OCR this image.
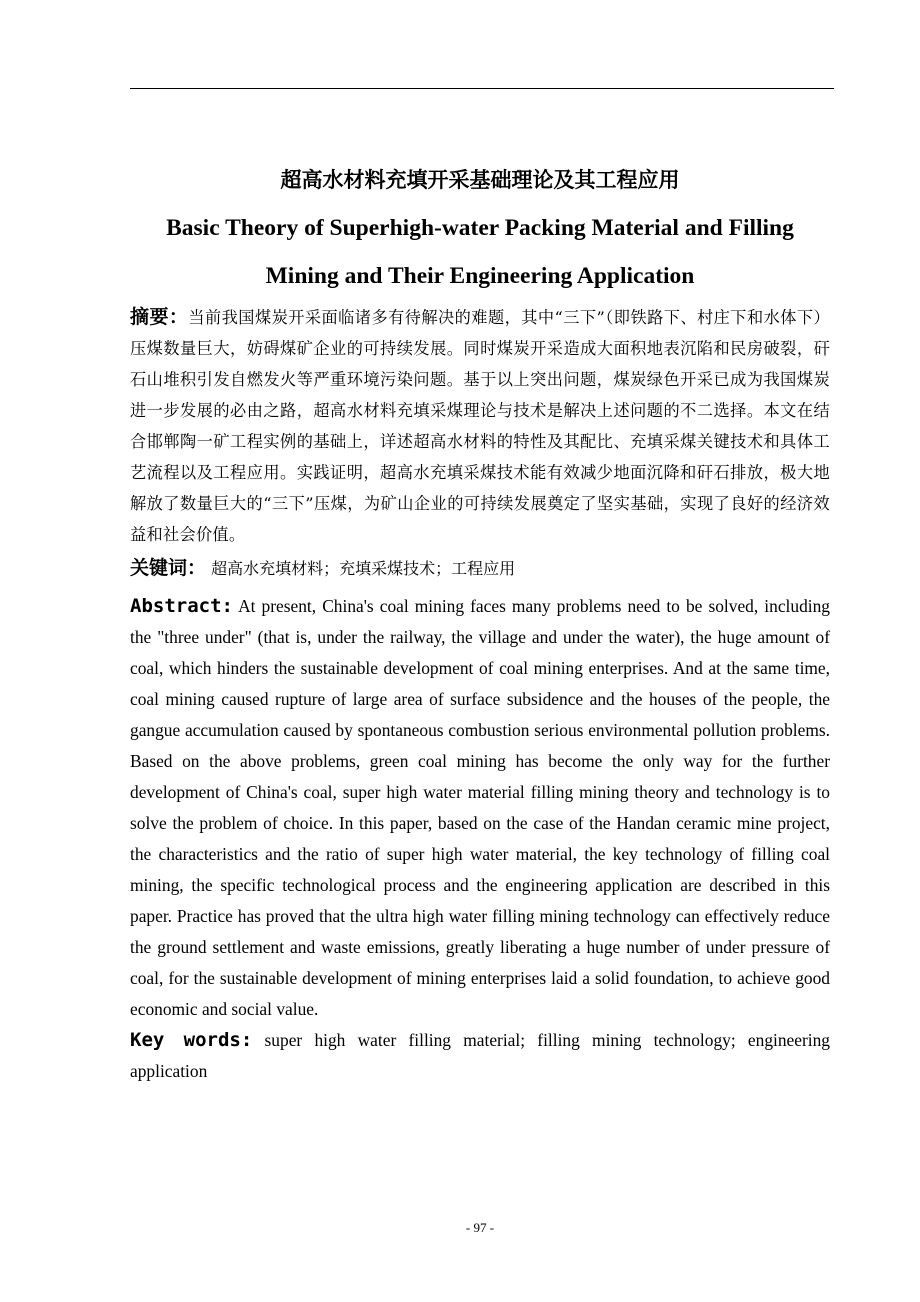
超高水材料充填开采基础理论及其工程应用
Basic Theory of Superhigh-water Packing Material and Filling
Mining and Their Engineering Application

摘要：当前我国煤炭开采面临诸多有待解决的难题，其中“三下”（即铁路下、村庄下和水体下）压煤数量巨大，妨碍煤矿企业的可持续发展。同时煤炭开采造成大面积地表沉陷和民房破裂，矸石山堆积引发自燃发火等严重环境污染问题。基于以上突出问题，煤炭绿色开采已成为我国煤炭进一步发展的必由之路，超高水材料充填采煤理论与技术是解决上述问题的不二选择。本文在结合邯郸陶一矿工程实例的基础上，详述超高水材料的特性及其配比、充填采煤关键技术和具体工艺流程以及工程应用。实践证明，超高水充填采煤技术能有效减少地面沉降和矸石排放，极大地解放了数量巨大的“三下”压煤，为矿山企业的可持续发展奠定了坚实基础，实现了良好的经济效益和社会价值。

关键词： 超高水充填材料；充填采煤技术；工程应用

Abstract: At present, China's coal mining faces many problems need to be solved, including the "three under" (that is, under the railway, the village and under the water), the huge amount of coal, which hinders the sustainable development of coal mining enterprises. And at the same time, coal mining caused rupture of large area of surface subsidence and the houses of the people, the gangue accumulation caused by spontaneous combustion serious environmental pollution problems. Based on the above problems, green coal mining has become the only way for the further development of China's coal, super high water material filling mining theory and technology is to solve the problem of choice. In this paper, based on the case of the Handan ceramic mine project, the characteristics and the ratio of super high water material, the key technology of filling coal mining, the specific technological process and the engineering application are described in this paper. Practice has proved that the ultra high water filling mining technology can effectively reduce the ground settlement and waste emissions, greatly liberating a huge number of under pressure of coal, for the sustainable development of mining enterprises laid a solid foundation, to achieve good economic and social value.

Key words: super high water filling material; filling mining technology; engineering application

- 97 -
